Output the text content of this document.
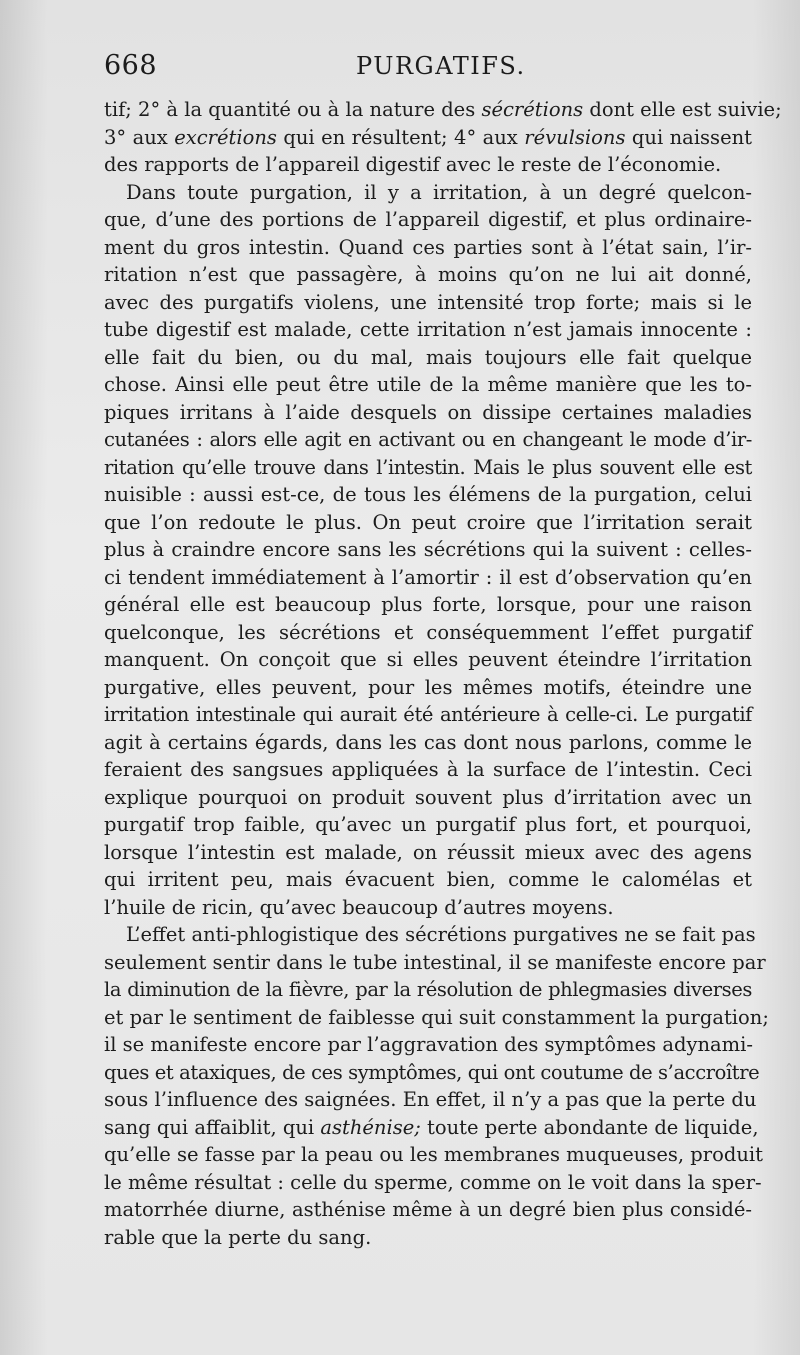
668	PURGATIFS.
tif; 2° à la quantité ou à la nature des sécrétions dont elle est suivie;
3° aux excrétions qui en résultent; 4° aux révulsions qui naissent
des rapports de l’appareil digestif avec le reste de l’économie.
Dans toute purgation, il y a irritation, à un degré quelcon-
que, d’une des portions de l’appareil digestif, et plus ordinaire-
ment du gros intestin. Quand ces parties sont à l’état sain, l’ir-
ritation n’est que passagère, à moins qu’on ne lui ait donné,
avec des purgatifs violens, une intensité trop forte; mais si le
tube digestif est malade, cette irritation n’est jamais innocente :
elle fait du bien, ou du mal, mais toujours elle fait quelque
chose. Ainsi elle peut être utile de la même manière que les to-
piques irritans à l’aide desquels on dissipe certaines maladies
cutanées : alors elle agit en activant ou en changeant le mode d’ir-
ritation qu’elle trouve dans l’intestin. Mais le plus souvent elle est
nuisible : aussi est-ce, de tous les élémens de la purgation, celui
que l’on redoute le plus. On peut croire que l’irritation serait
plus à craindre encore sans les sécrétions qui la suivent : celles-
ci tendent immédiatement à l’amortir : il est d’observation qu’en
général elle est beaucoup plus forte, lorsque, pour une raison
quelconque, les sécrétions et conséquemment l’effet purgatif
manquent. On conçoit que si elles peuvent éteindre l’irritation
purgative, elles peuvent, pour les mêmes motifs, éteindre une
irritation intestinale qui aurait été antérieure à celle-ci. Le purgatif
agit à certains égards, dans les cas dont nous parlons, comme le
feraient des sangsues appliquées à la surface de l’intestin. Ceci
explique pourquoi on produit souvent plus d’irritation avec un
purgatif trop faible, qu’avec un purgatif plus fort, et pourquoi,
lorsque l’intestin est malade, on réussit mieux avec des agens
qui irritent peu, mais évacuent bien, comme le calomélas et
l’huile de ricin, qu’avec beaucoup d’autres moyens.
L’effet anti-phlogistique des sécrétions purgatives ne se fait pas
seulement sentir dans le tube intestinal, il se manifeste encore par
la diminution de la fièvre, par la résolution de phlegmasies diverses
et par le sentiment de faiblesse qui suit constamment la purgation;
il se manifeste encore par l’aggravation des symptômes adynami-
ques et ataxiques, de ces symptômes, qui ont coutume de s’accroître
sous l’influence des saignées. En effet, il n’y a pas que la perte du
sang qui affaiblit, qui asthénise; toute perte abondante de liquide,
qu’elle se fasse par la peau ou les membranes muqueuses, produit
le même résultat : celle du sperme, comme on le voit dans la sper-
matorrhée diurne, asthénise même à un degré bien plus considé-
rable que la perte du sang.
